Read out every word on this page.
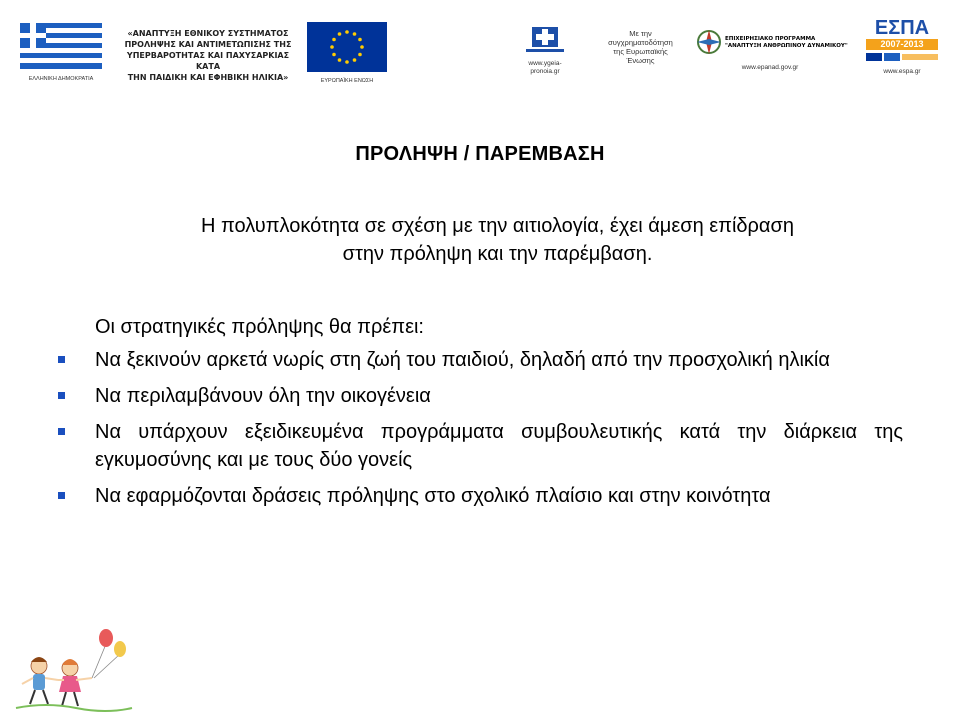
ΕΛΛΗΝΙΚΗ ΔΗΜΟΚΡΑΤΙΑ
«ΑΝΑΠΤΥΞΗ ΕΘΝΙΚΟΥ ΣΥΣΤΗΜΑΤΟΣ
ΠΡΟΛΗΨΗΣ ΚΑΙ ΑΝΤΙΜΕΤΩΠΙΣΗΣ ΤΗΣ
ΥΠΕΡΒΑΡΟΤΗΤΑΣ ΚΑΙ ΠΑΧΥΣΑΡΚΙΑΣ ΚΑΤΑ
ΤΗΝ ΠΑΙΔΙΚΗ ΚΑΙ ΕΦΗΒΙΚΗ ΗΛΙΚΙΑ»	ΕΥΡΩΠΑΪΚΗ ΕΝΩΣΗ
www.ygeia-
pronoia.gr
Με την
συγχρηματοδότηση
της Ευρωπαϊκής
Ένωσης
ΕΠΙΧΕΙΡΗΣΙΑΚΟ ΠΡΟΓΡΑΜΜΑ
"ΑΝΑΠΤΥΞΗ ΑΝΘΡΩΠΙΝΟΥ ΔΥΝΑΜΙΚΟΥ"
www.epanad.gov.gr
ΕΣΠΑ
2007-2013
www.espa.gr
ΠΡΟΛΗΨΗ / ΠΑΡΕΜΒΑΣΗ
Η πολυπλοκότητα σε σχέση με την αιτιολογία, έχει άμεση επίδραση
στην πρόληψη και την παρέμβαση.
Οι στρατηγικές πρόληψης θα πρέπει:
Να ξεκινούν αρκετά νωρίς στη ζωή του παιδιού, δηλαδή από την προσχολική ηλικία
Να περιλαμβάνουν όλη την οικογένεια
Να υπάρχουν εξειδικευμένα προγράμματα συμβουλευτικής κατά την διάρκεια της εγκυμοσύνης και με τους δύο γονείς
Να εφαρμόζονται δράσεις πρόληψης στο σχολικό πλαίσιο και στην κοινότητα
